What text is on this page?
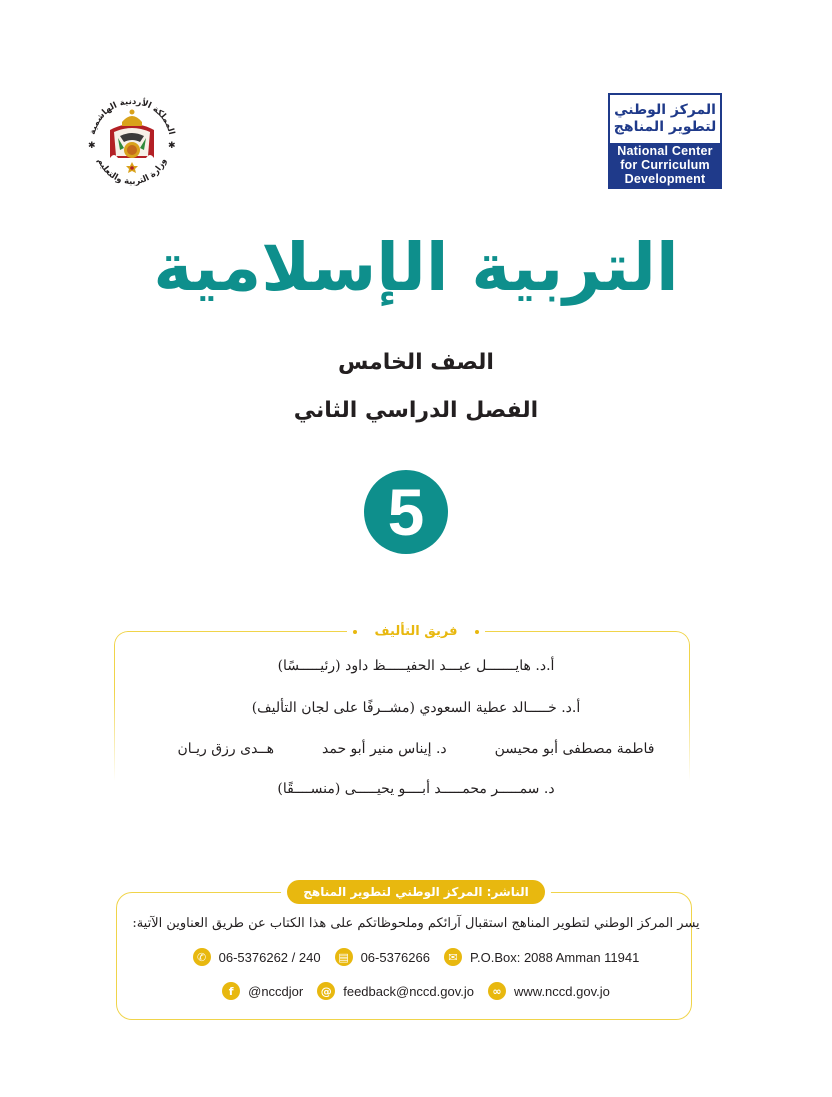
المملكة الأردنية الهاشمية
وزارة التربية والتعليم
✱	✱
المركز الوطني
لتطوير المناهج
National Center
for Curriculum
Development
التربية الإسلامية
الصف الخامس
الفصل الدراسي الثاني
5
فريق التأليف
أ.د. هايـــــــل عبـــد الحفيـــــظ داود (رئيـــــسًا)
أ.د. خـــــالد عطية السعودي (مشــرفًا على لجان التأليف)
فاطمة مصطفى أبو محيسن
د. إيناس منير أبو حمد
هــدى رزق ريـان
د. سمـــــر محمـــــد أبــــو يحيـــــى (منســــقًا)
الناشر: المركز الوطني لتطوير المناهج
يسر المركز الوطني لتطوير المناهج استقبال آرائكم وملحوظاتكم على هذا الكتاب عن طريق العناوين الآتية:
✆ 06-5376262 / 240	▤ 06-5376266	✉ P.O.Box: 2088 Amman 11941
f	@nccdjor	@ feedback@nccd.gov.jo	∞ www.nccd.gov.jo
